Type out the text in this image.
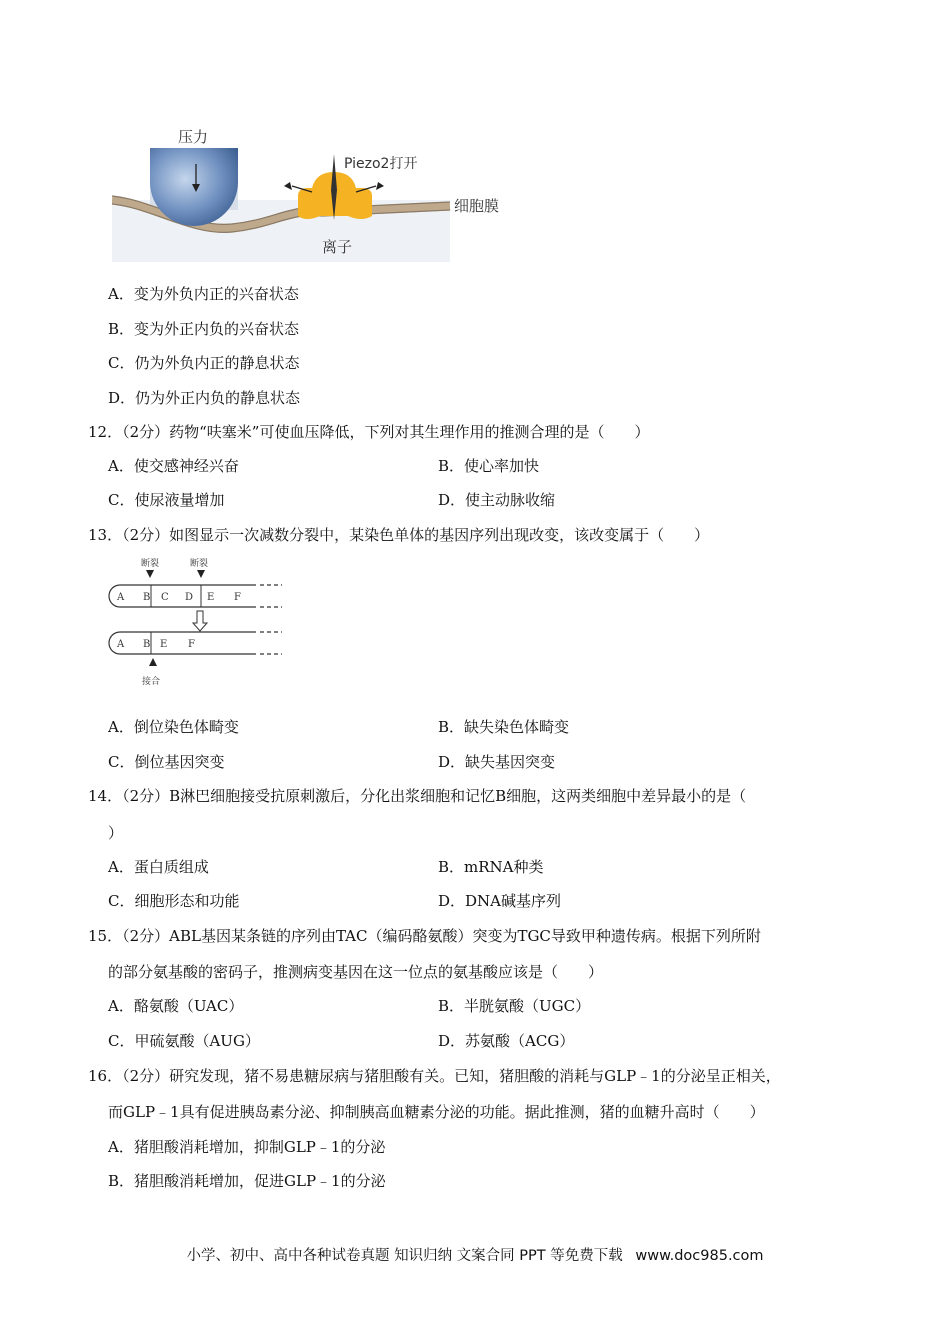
压力
Piezo2打开
细胞膜
离子
A．变为外负内正的兴奋状态
B．变为外正内负的兴奋状态
C．仍为外负内正的静息状态
D．仍为外正内负的静息状态
12．（2分）药物“呋塞米”可使血压降低，下列对其生理作用的推测合理的是（　　）
A．使交感神经兴奋	B．使心率加快
C．使尿液量增加	D．使主动脉收缩
13．（2分）如图显示一次减数分裂中，某染色单体的基因序列出现改变，该改变属于（　　）
断裂	断裂
A B C D E F
A B E F
接合
A．倒位染色体畸变	B．缺失染色体畸变
C．倒位基因突变	D．缺失基因突变
14．（2分）B淋巴细胞接受抗原刺激后，分化出浆细胞和记忆B细胞，这两类细胞中差异最小的是（
）
A．蛋白质组成	B．mRNA种类
C．细胞形态和功能	D．DNA碱基序列
15．（2分）ABL基因某条链的序列由TAC（编码酪氨酸）突变为TGC导致甲种遗传病。根据下列所附
的部分氨基酸的密码子，推测病变基因在这一位点的氨基酸应该是（　　）
A．酪氨酸（UAC）	B．半胱氨酸（UGC）
C．甲硫氨酸（AUG）	D．苏氨酸（ACG）
16．（2分）研究发现，猪不易患糖尿病与猪胆酸有关。已知，猪胆酸的消耗与GLP﹣1的分泌呈正相关，
而GLP﹣1具有促进胰岛素分泌、抑制胰高血糖素分泌的功能。据此推测，猪的血糖升高时（　　）
A．猪胆酸消耗增加，抑制GLP﹣1的分泌
B．猪胆酸消耗增加，促进GLP﹣1的分泌
小学、初中、高中各种试卷真题 知识归纳 文案合同 PPT 等免费下载 www.doc985.com
